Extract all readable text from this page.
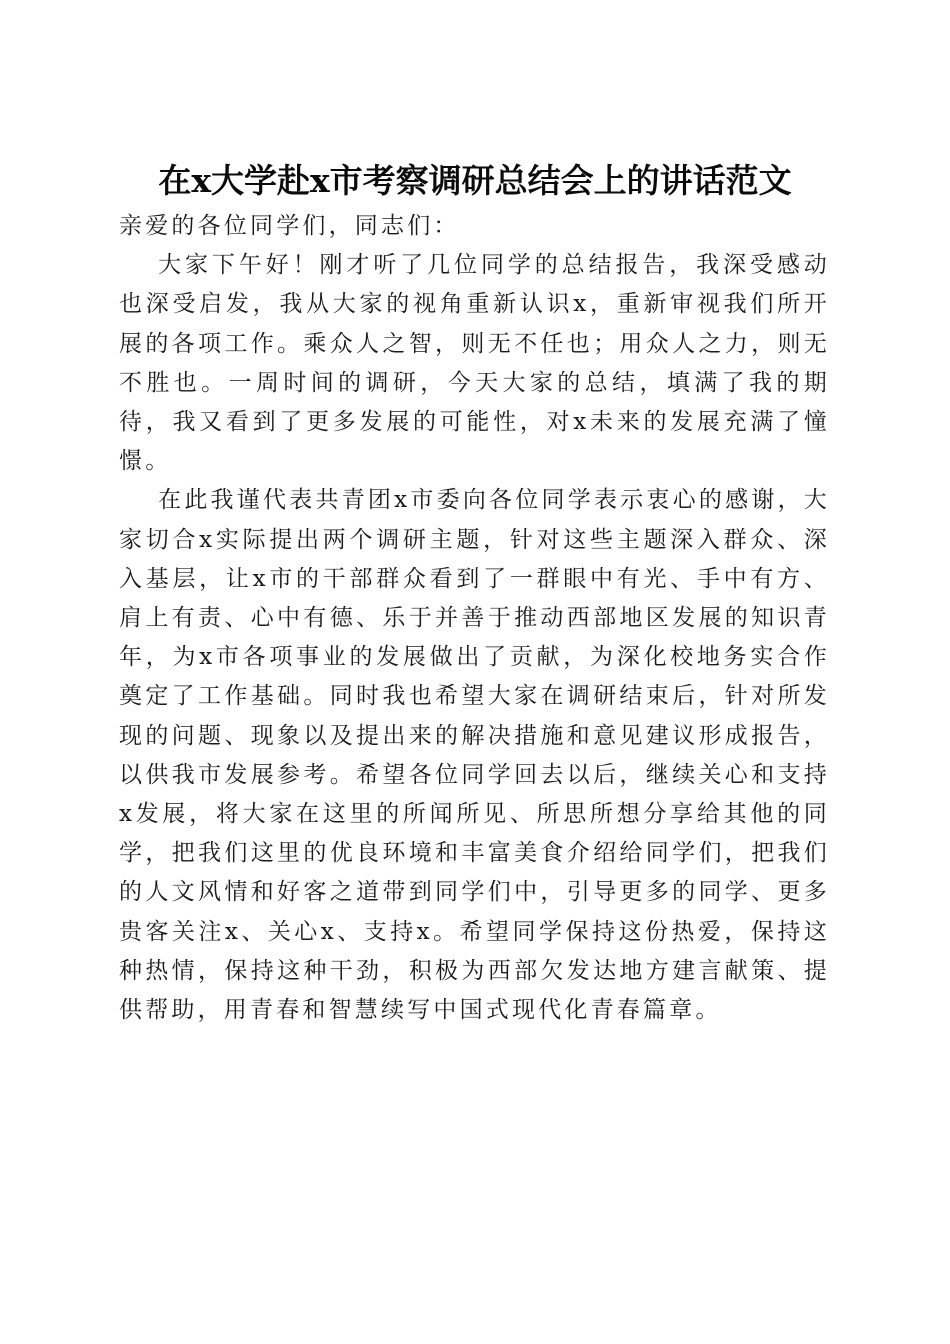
在x大学赴x市考察调研总结会上的讲话范文

亲爱的各位同学们，同志们：

大家下午好！刚才听了几位同学的总结报告，我深受感动也深受启发，我从大家的视角重新认识x，重新审视我们所开展的各项工作。乘众人之智，则无不任也；用众人之力，则无不胜也。一周时间的调研，今天大家的总结，填满了我的期待，我又看到了更多发展的可能性，对x未来的发展充满了憧憬。

在此我谨代表共青团x市委向各位同学表示衷心的感谢，大家切合x实际提出两个调研主题，针对这些主题深入群众、深入基层，让x市的干部群众看到了一群眼中有光、手中有方、肩上有责、心中有德、乐于并善于推动西部地区发展的知识青年，为x市各项事业的发展做出了贡献，为深化校地务实合作奠定了工作基础。同时我也希望大家在调研结束后，针对所发现的问题、现象以及提出来的解决措施和意见建议形成报告，以供我市发展参考。希望各位同学回去以后，继续关心和支持x发展，将大家在这里的所闻所见、所思所想分享给其他的同学，把我们这里的优良环境和丰富美食介绍给同学们，把我们的人文风情和好客之道带到同学们中，引导更多的同学、更多贵客关注x、关心x、支持x。希望同学保持这份热爱，保持这种热情，保持这种干劲，积极为西部欠发达地方建言献策、提供帮助，用青春和智慧续写中国式现代化青春篇章。
